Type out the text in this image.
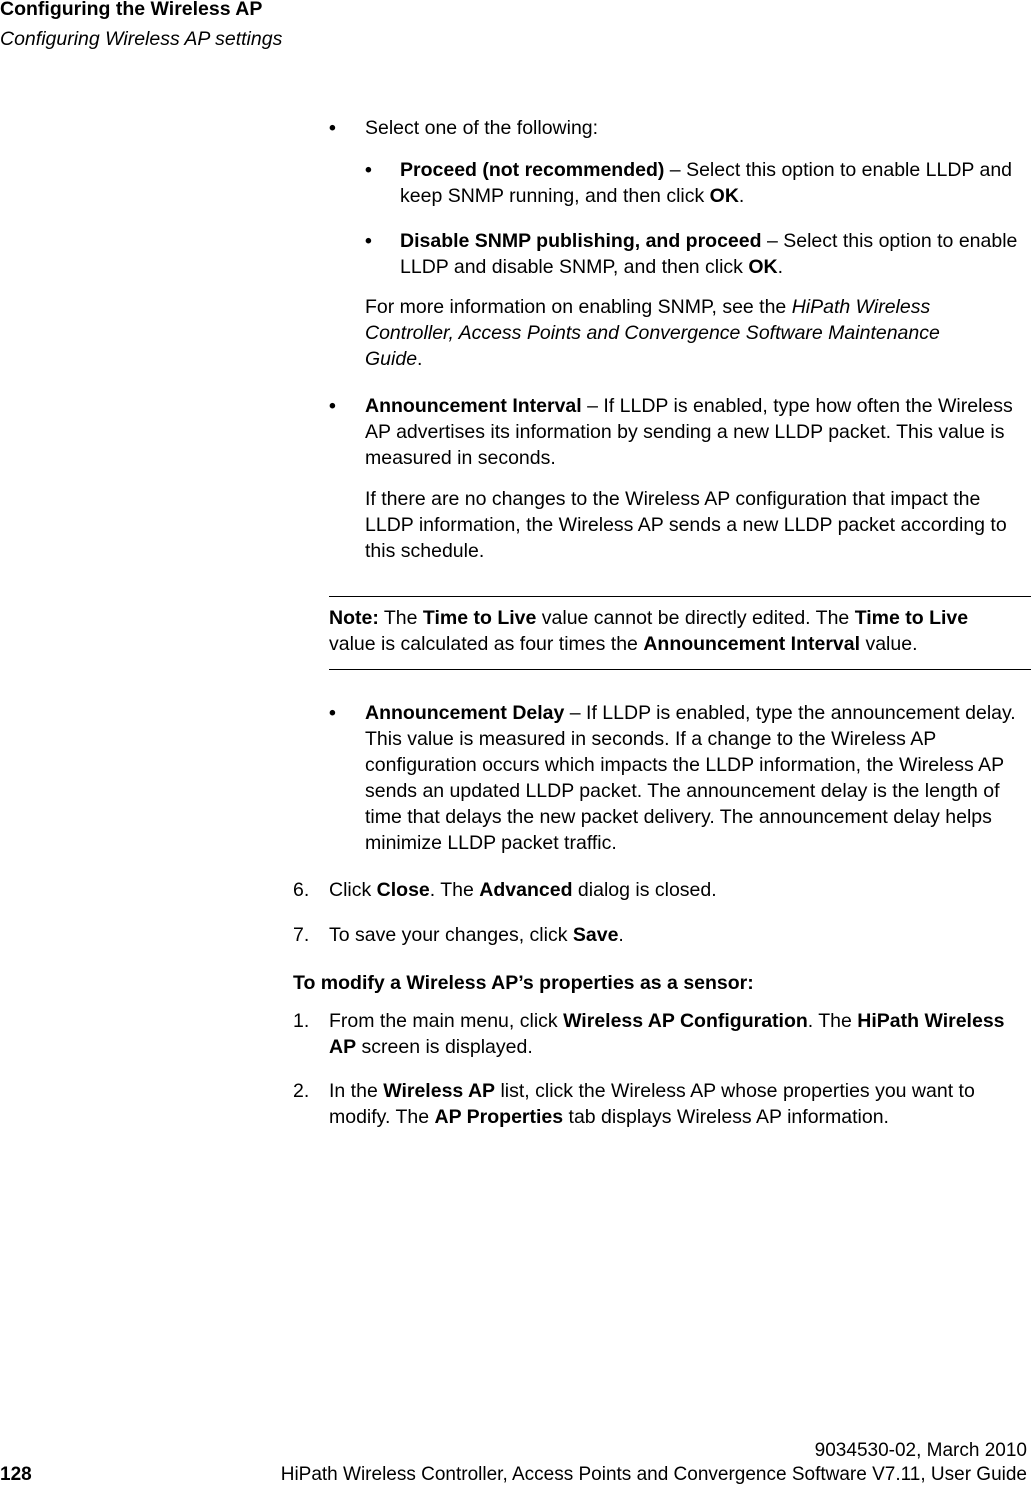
Configuring the Wireless AP
Configuring Wireless AP settings
• Select one of the following:

• Proceed (not recommended) – Select this option to enable LLDP and keep SNMP running, and then click OK.

• Disable SNMP publishing, and proceed – Select this option to enable LLDP and disable SNMP, and then click OK.

For more information on enabling SNMP, see the HiPath Wireless Controller, Access Points and Convergence Software Maintenance Guide.

• Announcement Interval – If LLDP is enabled, type how often the Wireless AP advertises its information by sending a new LLDP packet. This value is measured in seconds.

If there are no changes to the Wireless AP configuration that impact the LLDP information, the Wireless AP sends a new LLDP packet according to this schedule.

Note: The Time to Live value cannot be directly edited. The Time to Live value is calculated as four times the Announcement Interval value.

• Announcement Delay – If LLDP is enabled, type the announcement delay. This value is measured in seconds. If a change to the Wireless AP configuration occurs which impacts the LLDP information, the Wireless AP sends an updated LLDP packet. The announcement delay is the length of time that delays the new packet delivery. The announcement delay helps minimize LLDP packet traffic.

6. Click Close. The Advanced dialog is closed.

7. To save your changes, click Save.

To modify a Wireless AP’s properties as a sensor:

1. From the main menu, click Wireless AP Configuration. The HiPath Wireless AP screen is displayed.

2. In the Wireless AP list, click the Wireless AP whose properties you want to modify. The AP Properties tab displays Wireless AP information.

128
9034530-02, March 2010
HiPath Wireless Controller, Access Points and Convergence Software V7.11, User Guide
